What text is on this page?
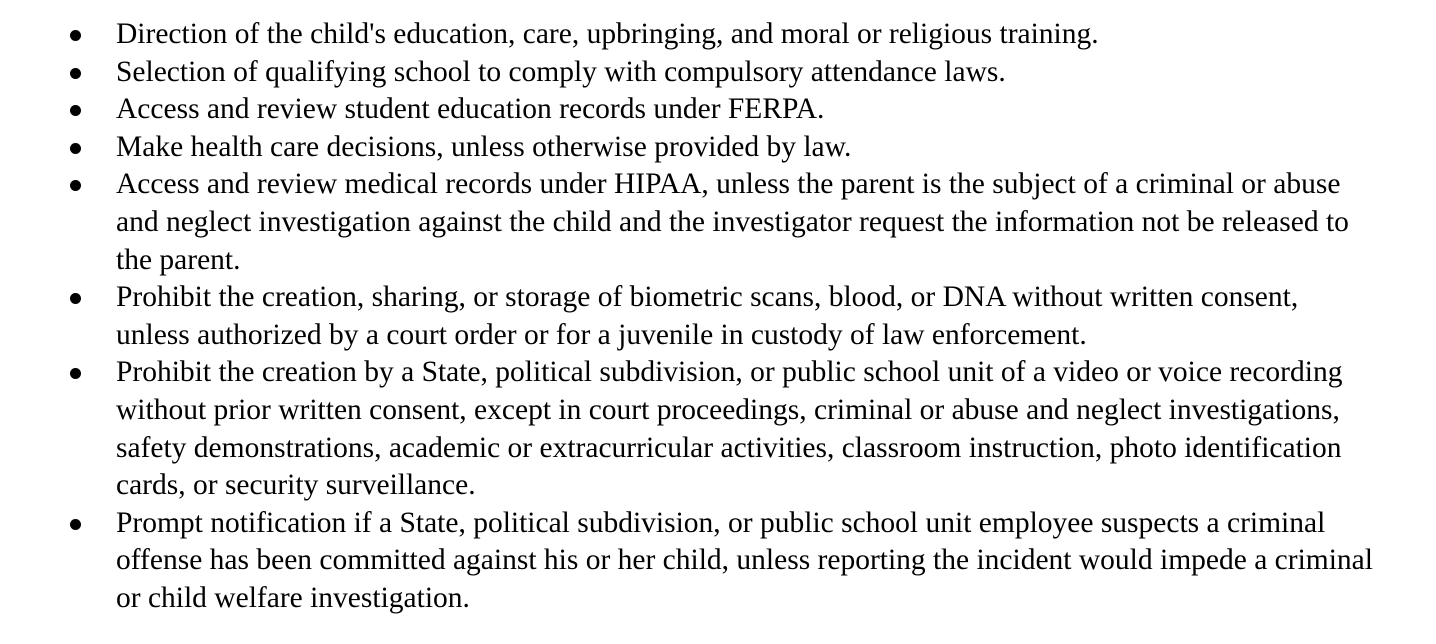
Direction of the child's education, care, upbringing, and moral or religious training.
Selection of qualifying school to comply with compulsory attendance laws.
Access and review student education records under FERPA.
Make health care decisions, unless otherwise provided by law.
Access and review medical records under HIPAA, unless the parent is the subject of a criminal or abuse and neglect investigation against the child and the investigator request the information not be released to the parent.
Prohibit the creation, sharing, or storage of biometric scans, blood, or DNA without written consent, unless authorized by a court order or for a juvenile in custody of law enforcement.
Prohibit the creation by a State, political subdivision, or public school unit of a video or voice recording without prior written consent, except in court proceedings, criminal or abuse and neglect investigations, safety demonstrations, academic or extracurricular activities, classroom instruction, photo identification cards, or security surveillance.
Prompt notification if a State, political subdivision, or public school unit employee suspects a criminal offense has been committed against his or her child, unless reporting the incident would impede a criminal or child welfare investigation.
